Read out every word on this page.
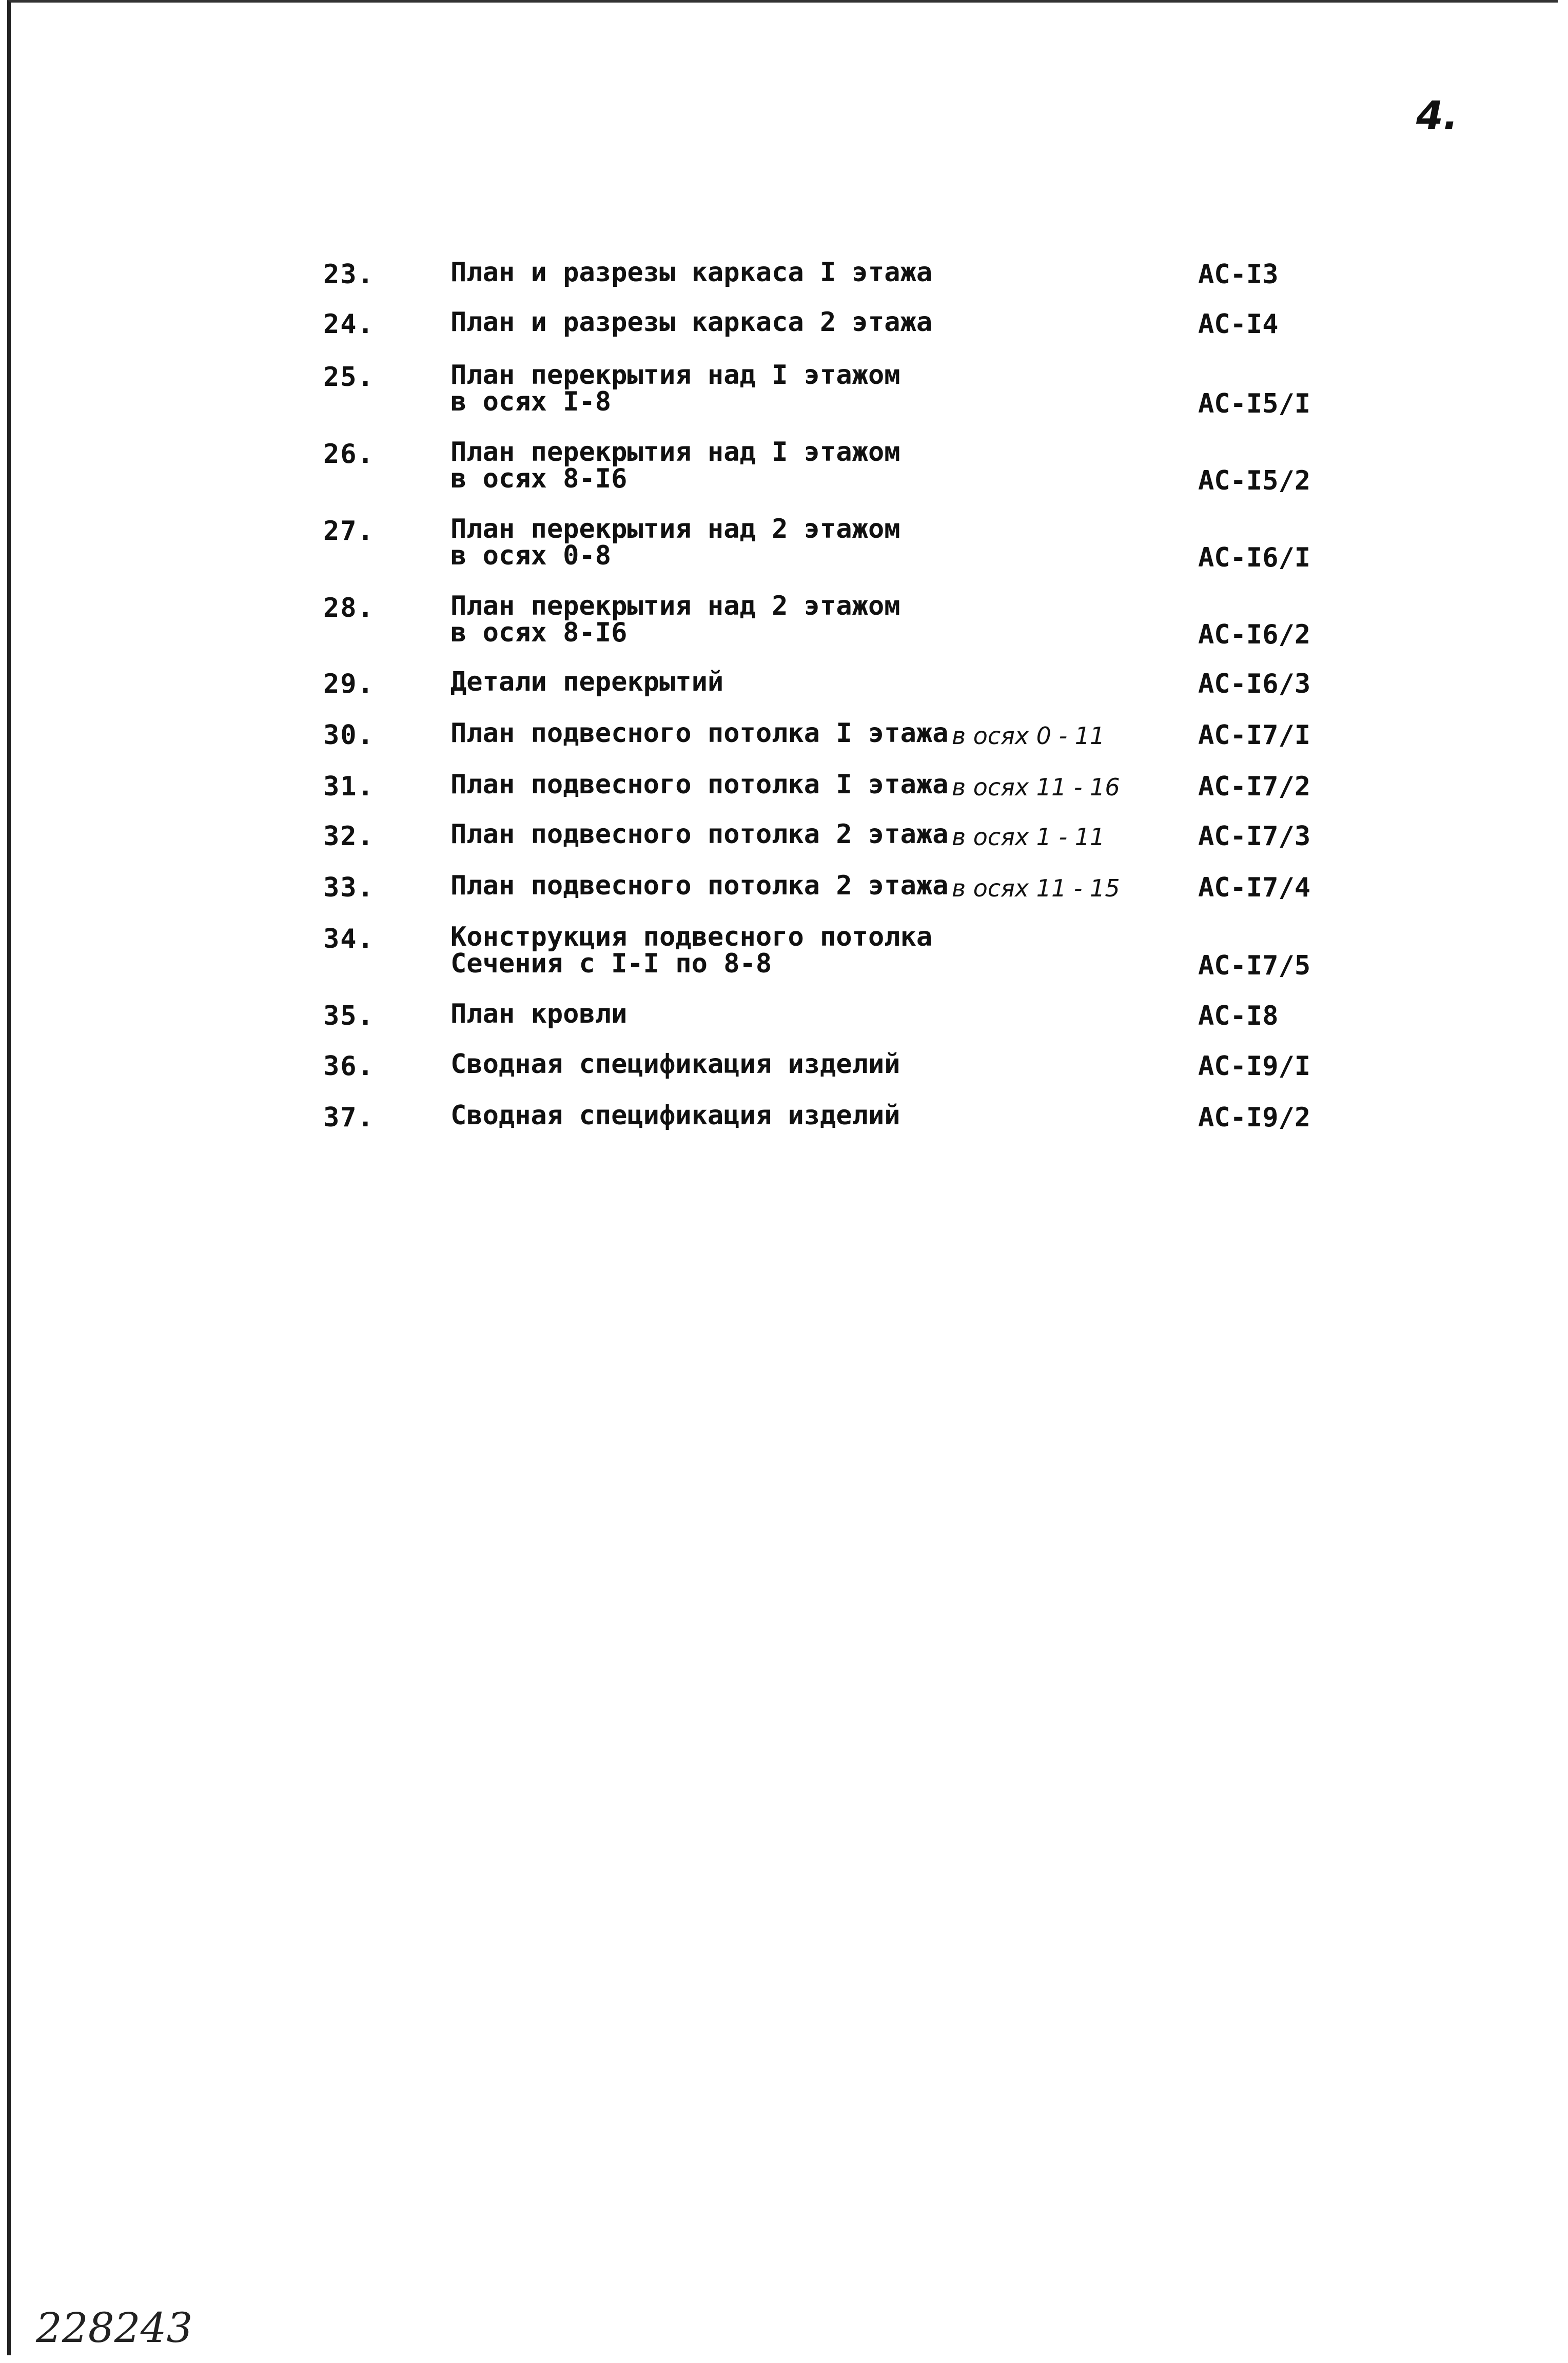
4.
23.	План и разрезы каркаса I этажа	АС-I3
24.	План и разрезы каркаса 2 этажа	АС-I4
25.	План перекрытия над I этажом
в осях I-8	АС-I5/I
26.	План перекрытия над I этажом
в осях 8-I6	АС-I5/2
27.	План перекрытия над 2 этажом
в осях 0-8	АС-I6/I
28.	План перекрытия над 2 этажом
в осях 8-I6	АС-I6/2
29.	Детали перекрытий	АС-I6/3
30.	План подвесного потолка I этажа в осях 0 - 11	АС-I7/I
31.	План подвесного потолка I этажа в осях 11 - 16	АС-I7/2
32.	План подвесного потолка 2 этажа в осях 1 - 11	АС-I7/3
33.	План подвесного потолка 2 этажа в осях 11 - 15	АС-I7/4
34.	Конструкция подвесного потолка
Сечения с I-I по 8-8	АС-I7/5
35.	План кровли	АС-I8
36.	Сводная спецификация изделий	АС-I9/I
37.	Сводная спецификация изделий	АС-I9/2
228243
